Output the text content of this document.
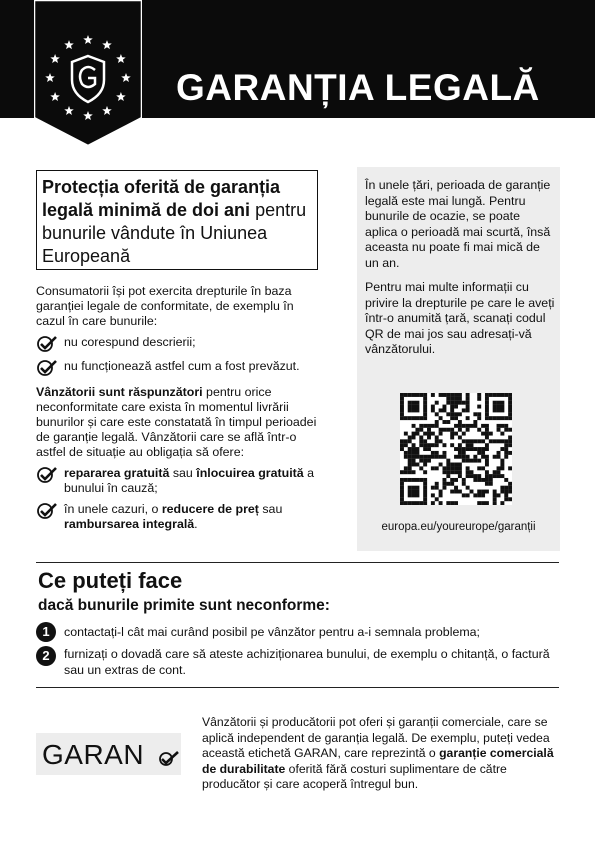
GARANȚIA LEGALĂ
Protecția oferită de garanția legală minimă de doi ani pentru bunurile vândute în Uniunea Europeană
Consumatorii își pot exercita drepturile în baza garanției legale de conformitate, de exemplu în cazul în care bunurile:
nu corespund descrierii;
nu funcționează astfel cum a fost prevăzut.
Vânzătorii sunt răspunzători pentru orice neconformitate care exista în momentul livrării bunurilor și care este constatată în timpul perioadei de garanție legală. Vânzătorii care se află într-o astfel de situație au obligația să ofere:
repararea gratuită sau înlocuirea gratuită a bunului în cauză;
în unele cazuri, o reducere de preț sau rambursarea integrală.

În unele țări, perioada de garanție legală este mai lungă. Pentru bunurile de ocazie, se poate aplica o perioadă mai scurtă, însă aceasta nu poate fi mai mică de un an.

Pentru mai multe informații cu privire la drepturile pe care le aveți într-o anumită țară, scanați codul QR de mai jos sau adresați-vă vânzătorului.

europa.eu/youreurope/garanții
Ce puteți face
dacă bunurile primite sunt neconforme:
1	contactați-l cât mai curând posibil pe vânzător pentru a-i semnala problema;
2	furnizați o dovadă care să ateste achiziționarea bunului, de exemplu o chitanță, o factură sau un extras de cont.
GARAN
Vânzătorii și producătorii pot oferi și garanții comerciale, care se aplică independent de garanția legală. De exemplu, puteți vedea această etichetă GARAN, care reprezintă o garanție comercială de durabilitate oferită fără costuri suplimentare de către producător și care acoperă întregul bun.
